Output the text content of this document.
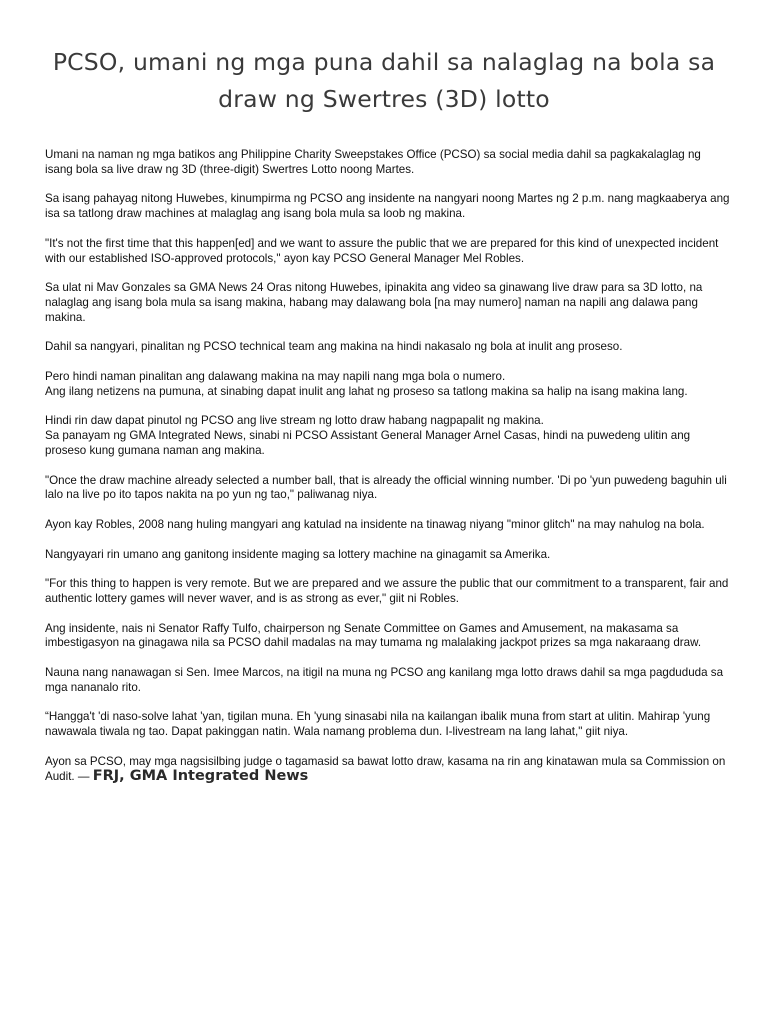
PCSO, umani ng mga puna dahil sa nalaglag na bola sa draw ng Swertres (3D) lotto

Umani na naman ng mga batikos ang Philippine Charity Sweepstakes Office (PCSO) sa social media dahil sa pagkakalaglag ng isang bola sa live draw ng 3D (three-digit) Swertres Lotto noong Martes.

Sa isang pahayag nitong Huwebes, kinumpirma ng PCSO ang insidente na nangyari noong Martes ng 2 p.m. nang magkaaberya ang isa sa tatlong draw machines at malaglag ang isang bola mula sa loob ng makina.

"It's not the first time that this happen[ed] and we want to assure the public that we are prepared for this kind of unexpected incident with our established ISO-approved protocols," ayon kay PCSO General Manager Mel Robles.

Sa ulat ni Mav Gonzales sa GMA News 24 Oras nitong Huwebes, ipinakita ang video sa ginawang live draw para sa 3D lotto, na nalaglag ang isang bola mula sa isang makina, habang may dalawang bola [na may numero] naman na napili ang dalawa pang makina.

Dahil sa nangyari, pinalitan ng PCSO technical team ang makina na hindi nakasalo ng bola at inulit ang proseso.

Pero hindi naman pinalitan ang dalawang makina na may napili nang mga bola o numero.

Ang ilang netizens na pumuna, at sinabing dapat inulit ang lahat ng proseso sa tatlong makina sa halip na isang makina lang.

Hindi rin daw dapat pinutol ng PCSO ang live stream ng lotto draw habang nagpapalit ng makina.

Sa panayam ng GMA Integrated News, sinabi ni PCSO Assistant General Manager Arnel Casas, hindi na puwedeng ulitin ang proseso kung gumana naman ang makina.

"Once the draw machine already selected a number ball, that is already the official winning number. 'Di po 'yun puwedeng baguhin uli lalo na live po ito tapos nakita na po yun ng tao," paliwanag niya.

Ayon kay Robles, 2008 nang huling mangyari ang katulad na insidente na tinawag niyang "minor glitch" na may nahulog na bola.

Nangyayari rin umano ang ganitong insidente maging sa lottery machine na ginagamit sa Amerika.

"For this thing to happen is very remote. But we are prepared and we assure the public that our commitment to a transparent, fair and authentic lottery games will never waver, and is as strong as ever," giit ni Robles.

Ang insidente, nais ni Senator Raffy Tulfo, chairperson ng Senate Committee on Games and Amusement, na makasama sa imbestigasyon na ginagawa nila sa PCSO dahil madalas na may tumama ng malalaking jackpot prizes sa mga nakaraang draw.

Nauna nang nanawagan si Sen. Imee Marcos, na itigil na muna ng PCSO ang kanilang mga lotto draws dahil sa mga pagdududa sa mga nananalo rito.

“Hangga't 'di naso-solve lahat 'yan, tigilan muna. Eh 'yung sinasabi nila na kailangan ibalik muna from start at ulitin. Mahirap 'yung nawawala tiwala ng tao. Dapat pakinggan natin. Wala namang problema dun. I-livestream na lang lahat," giit niya.

Ayon sa PCSO, may mga nagsisilbing judge o tagamasid sa bawat lotto draw, kasama na rin ang kinatawan mula sa Commission on Audit. — FRJ, GMA Integrated News
